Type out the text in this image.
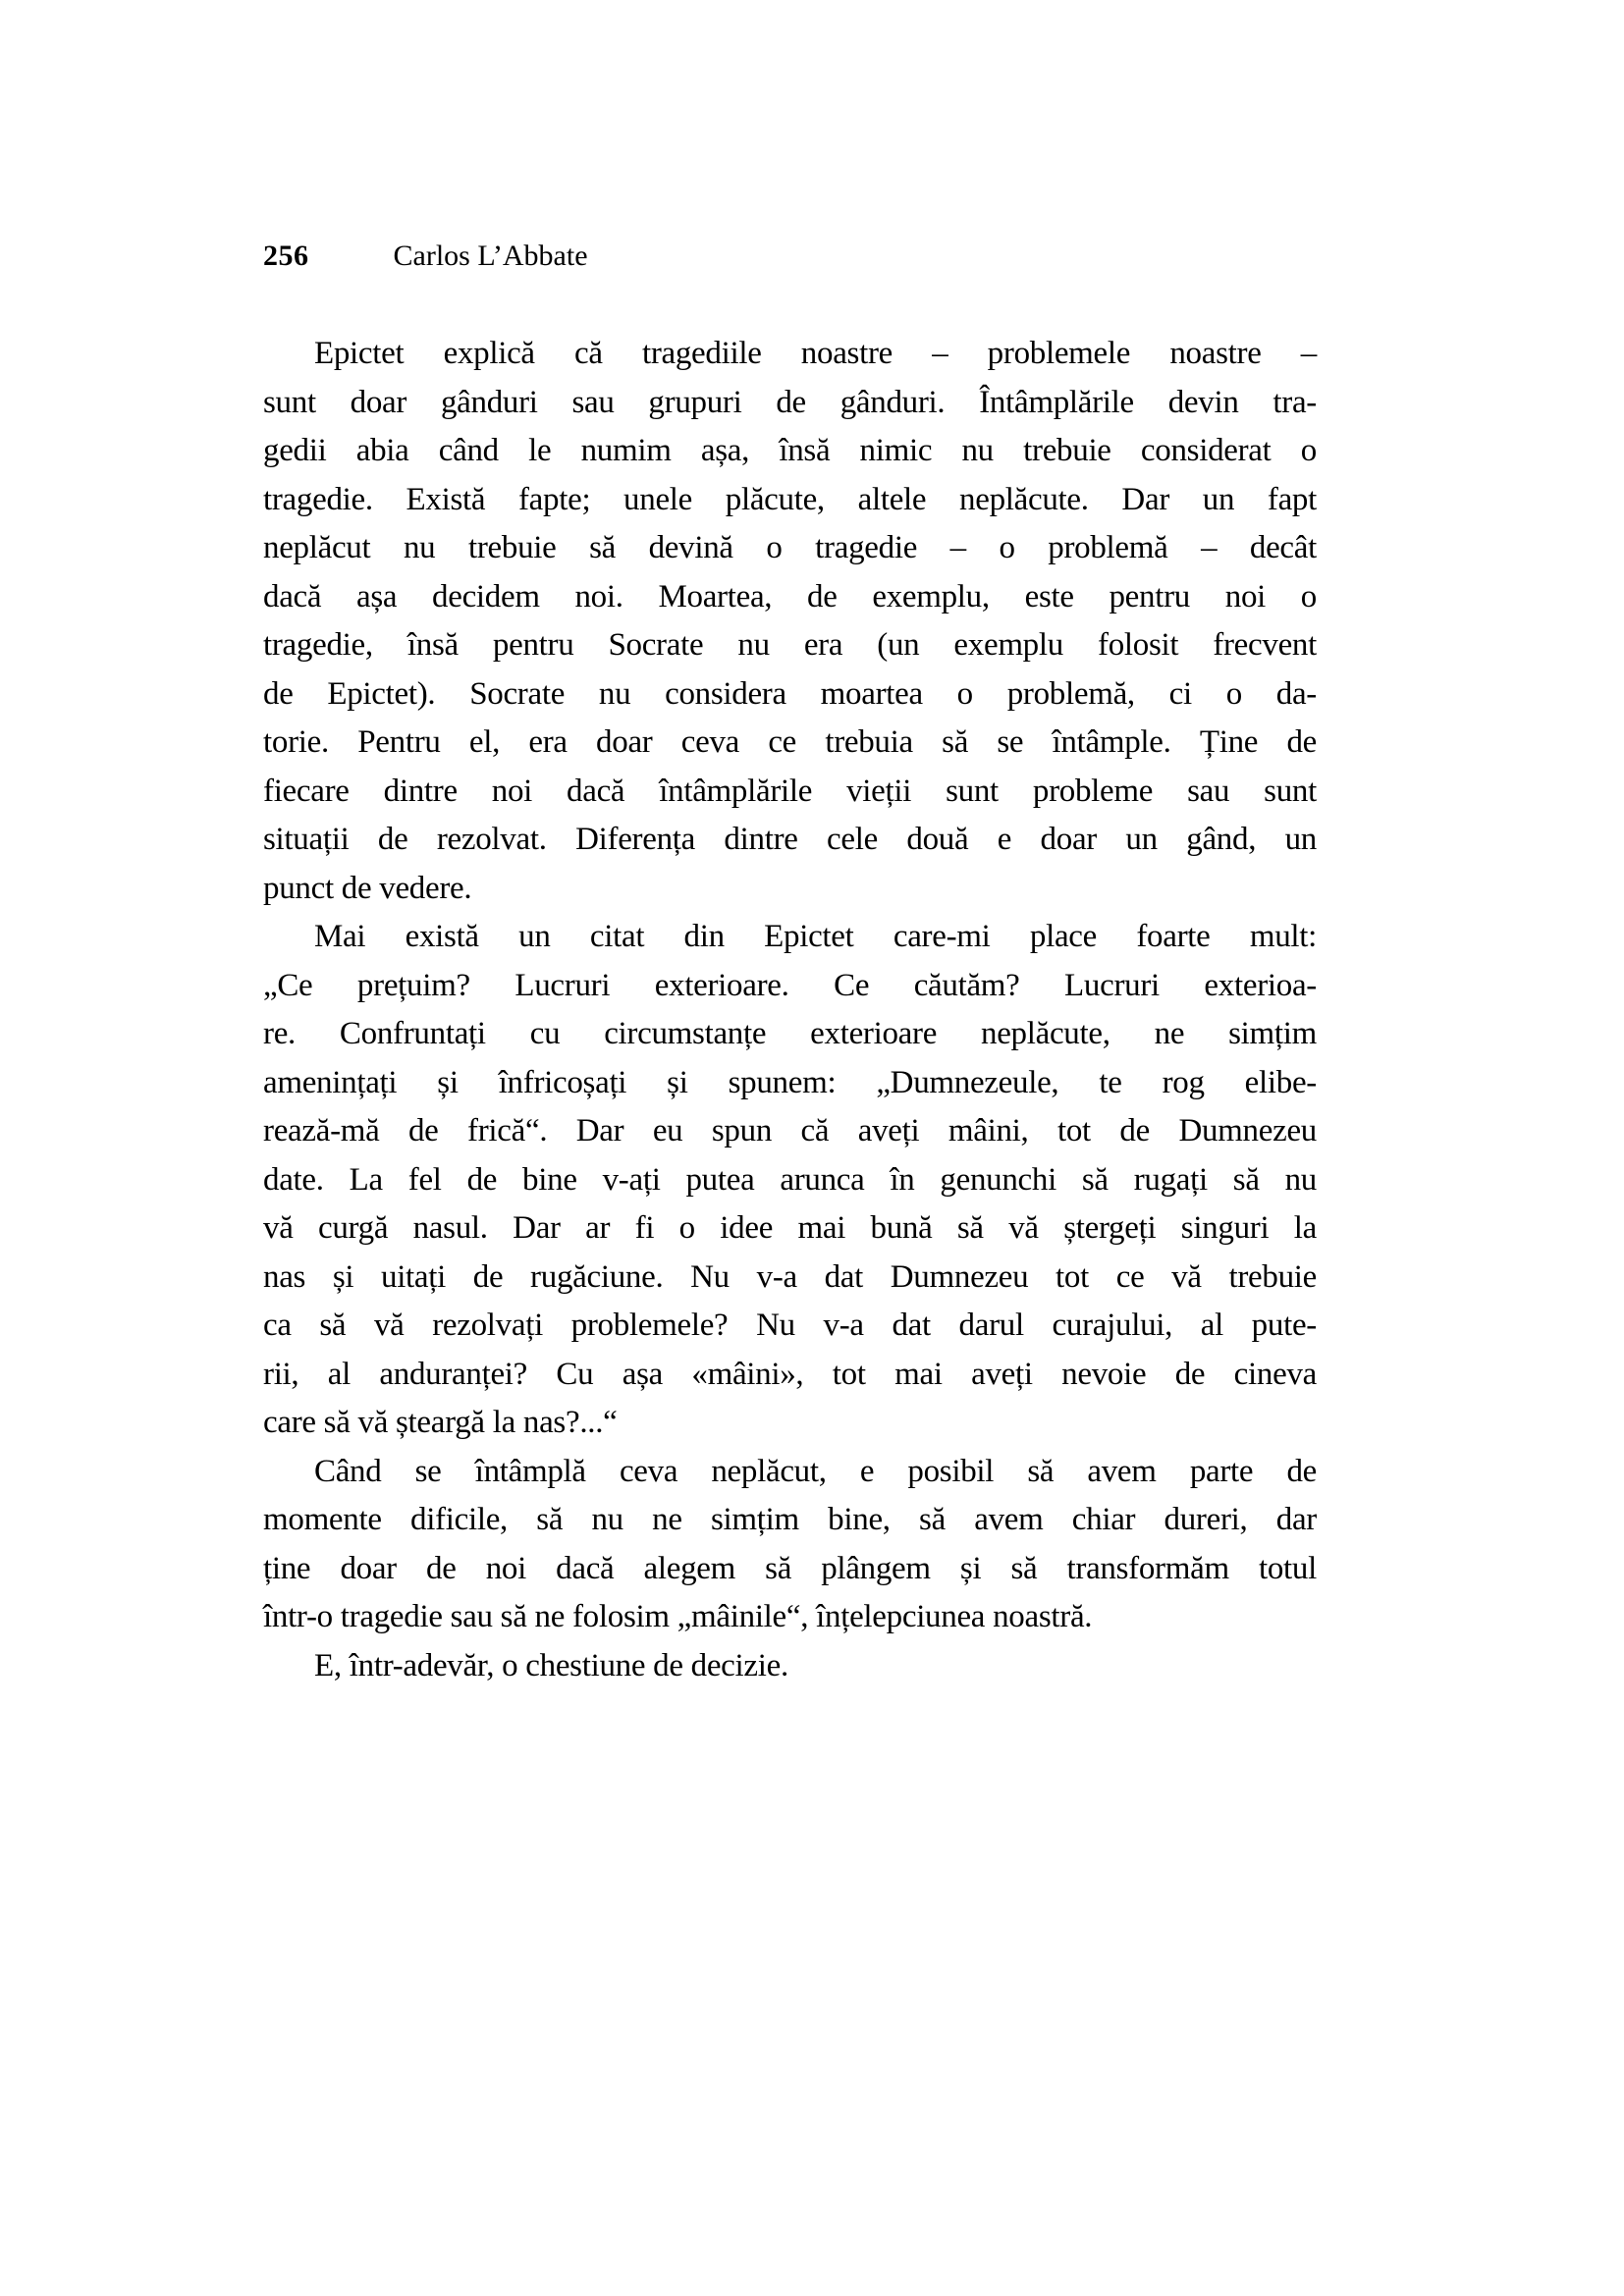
256	Carlos L’Abbate
Epictet explică că tragediile noastre – problemele noastre –
sunt doar gânduri sau grupuri de gânduri. Întâmplările devin tra-
gedii abia când le numim așa, însă nimic nu trebuie considerat o
tragedie. Există fapte; unele plăcute, altele neplăcute. Dar un fapt
neplăcut nu trebuie să devină o tragedie – o problemă – decât
dacă așa decidem noi. Moartea, de exemplu, este pentru noi o
tragedie, însă pentru Socrate nu era (un exemplu folosit frecvent
de Epictet). Socrate nu considera moartea o problemă, ci o da-
torie. Pentru el, era doar ceva ce trebuia să se întâmple. Ține de
fiecare dintre noi dacă întâmplările vieții sunt probleme sau sunt
situații de rezolvat. Diferența dintre cele două e doar un gând, un
punct de vedere.
Mai există un citat din Epictet care-mi place foarte mult:
„Ce prețuim? Lucruri exterioare. Ce căutăm? Lucruri exterioa-
re. Confruntați cu circumstanțe exterioare neplăcute, ne simțim
amenințați și înfricoșați și spunem: „Dumnezeule, te rog elibe-
rează-mă de frică“. Dar eu spun că aveți mâini, tot de Dumnezeu
date. La fel de bine v-ați putea arunca în genunchi să rugați să nu
vă curgă nasul. Dar ar fi o idee mai bună să vă ștergeți singuri la
nas și uitați de rugăciune. Nu v-a dat Dumnezeu tot ce vă trebuie
ca să vă rezolvați problemele? Nu v-a dat darul curajului, al pute-
rii, al anduranței? Cu așa «mâini», tot mai aveți nevoie de cineva
care să vă șteargă la nas?...“
Când se întâmplă ceva neplăcut, e posibil să avem parte de
momente dificile, să nu ne simțim bine, să avem chiar dureri, dar
ține doar de noi dacă alegem să plângem și să transformăm totul
într-o tragedie sau să ne folosim „mâinile“, înțelepciunea noastră.
E, într-adevăr, o chestiune de decizie.
